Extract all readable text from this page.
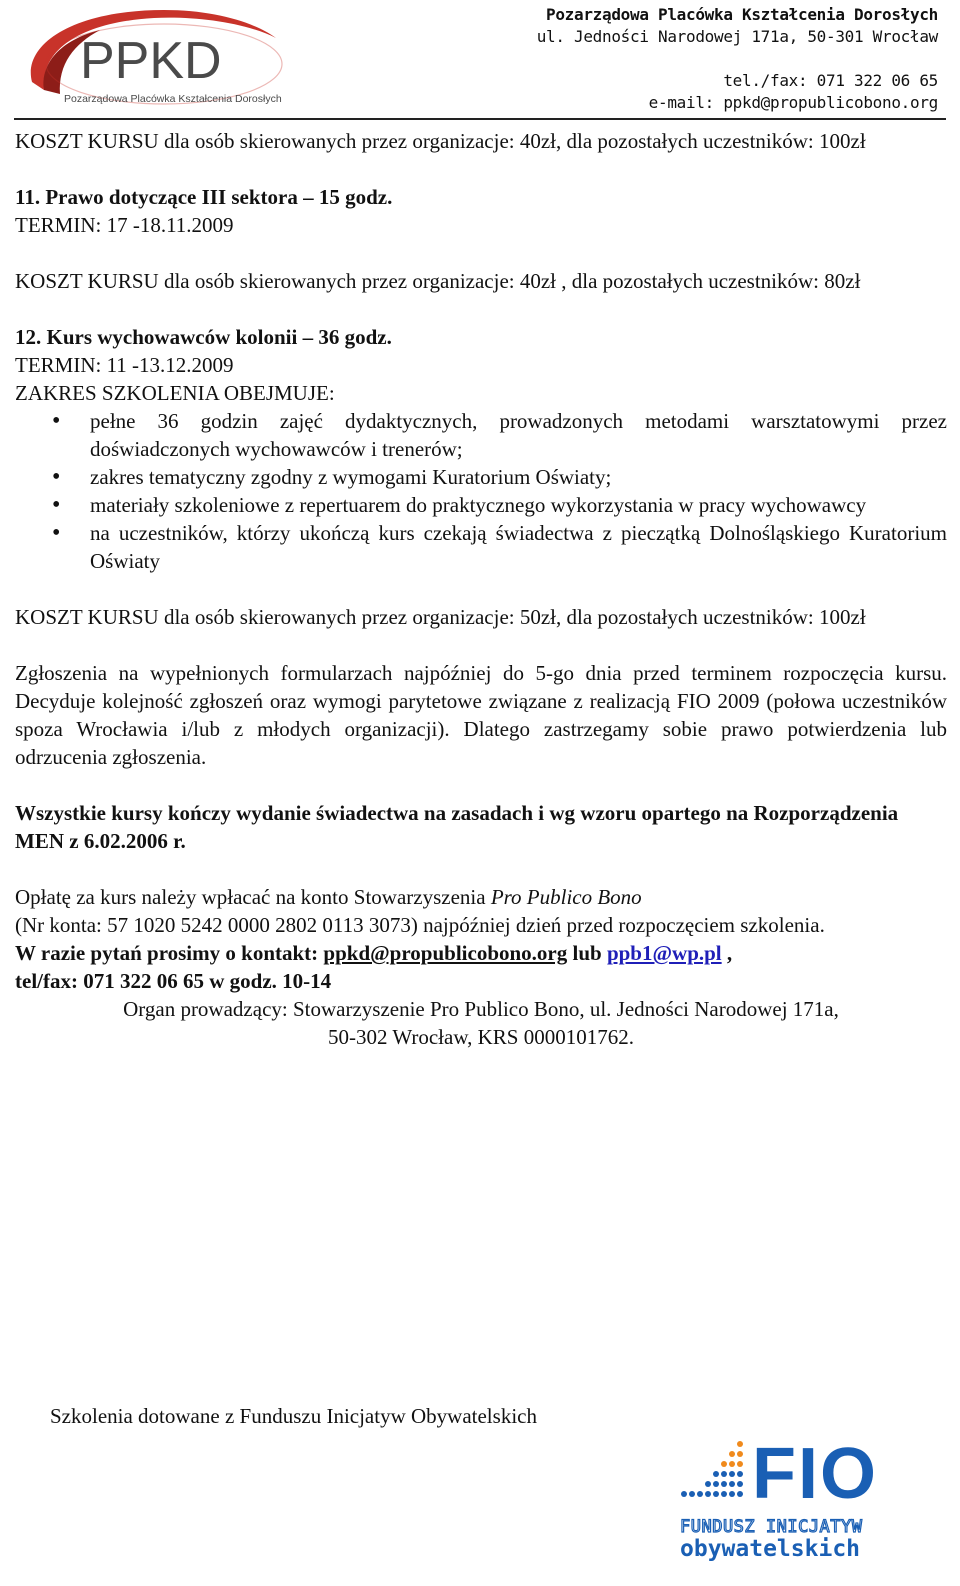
PPKD
Pozarządowa Placówka Kształcenia Dorosłych
Pozarządowa Placówka Kształcenia Dorosłych
ul. Jedności Narodowej 171a, 50-301 Wrocław
tel./fax: 071 322 06 65
e-mail: ppkd@propublicobono.org

KOSZT KURSU dla osób skierowanych przez organizacje: 40zł, dla pozostałych uczestników: 100zł

11. Prawo dotyczące III sektora – 15 godz.

TERMIN: 17 -18.11.2009

KOSZT KURSU dla osób skierowanych przez organizacje: 40zł , dla pozostałych uczestników: 80zł

12. Kurs wychowawców kolonii – 36 godz.

TERMIN: 11 -13.12.2009

ZAKRES SZKOLENIA OBEJMUJE:

• pełne 36 godzin zajęć dydaktycznych, prowadzonych metodami warsztatowymi przez doświadczonych wychowawców i trenerów;
• zakres tematyczny zgodny z wymogami Kuratorium Oświaty;
• materiały szkoleniowe z repertuarem do praktycznego wykorzystania w pracy wychowawcy
• na uczestników, którzy ukończą kurs czekają świadectwa z pieczątką Dolnośląskiego Kuratorium Oświaty

KOSZT KURSU dla osób skierowanych przez organizacje: 50zł, dla pozostałych uczestników: 100zł

Zgłoszenia na wypełnionych formularzach najpóźniej do 5-go dnia przed terminem rozpoczęcia kursu. Decyduje kolejność zgłoszeń oraz wymogi parytetowe związane z realizacją FIO 2009 (połowa uczestników spoza Wrocławia i/lub z młodych organizacji). Dlatego zastrzegamy sobie prawo potwierdzenia lub odrzucenia zgłoszenia.

Wszystkie kursy kończy wydanie świadectwa na zasadach i wg wzoru opartego na Rozporządzenia MEN z 6.02.2006 r.

Opłatę za kurs należy wpłacać na konto Stowarzyszenia Pro Publico Bono

(Nr konta: 57 1020 5242 0000 2802 0113 3073) najpóźniej dzień przed rozpoczęciem szkolenia.

W razie pytań prosimy o kontakt: ppkd@propublicobono.org lub ppb1@wp.pl ,

tel/fax: 071 322 06 65 w godz. 10-14

Organ prowadzący: Stowarzyszenie Pro Publico Bono, ul. Jedności Narodowej 171a,

50-302 Wrocław, KRS 0000101762.

Szkolenia dotowane z Funduszu Inicjatyw Obywatelskich
FIO
FUNDUSZ INICJATYW
obywatelskich
